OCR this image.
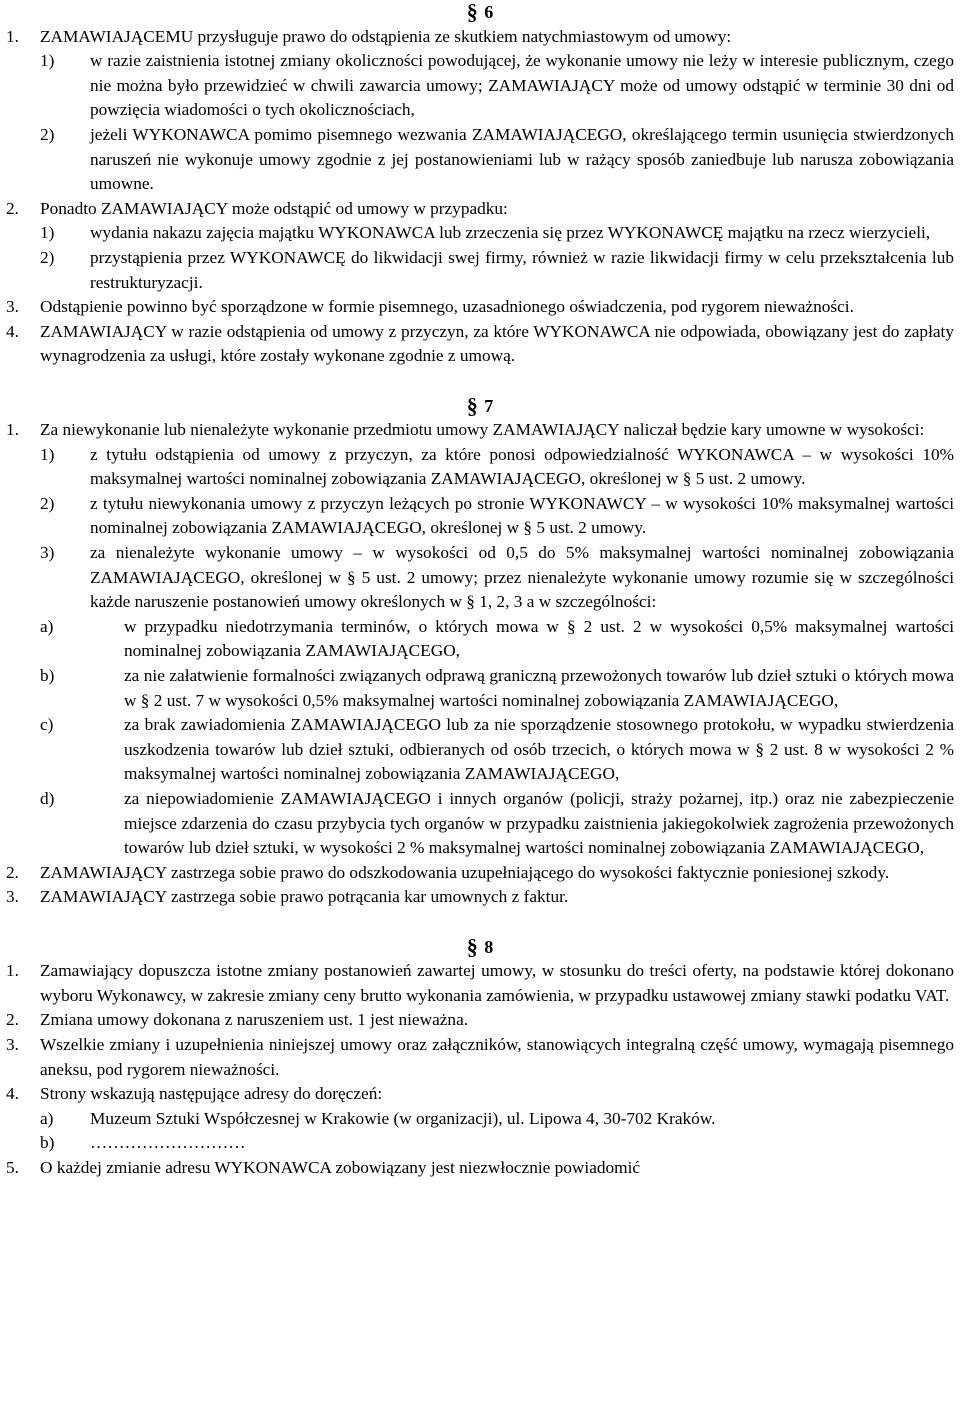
§ 6
1. ZAMAWIAJĄCEMU przysługuje prawo do odstąpienia ze skutkiem natychmiastowym od umowy:
1) w razie zaistnienia istotnej zmiany okoliczności powodującej, że wykonanie umowy nie leży w interesie publicznym, czego nie można było przewidzieć w chwili zawarcia umowy; ZAMAWIAJĄCY może od umowy odstąpić w terminie 30 dni od powzięcia wiadomości o tych okolicznościach,
2) jeżeli WYKONAWCA pomimo pisemnego wezwania ZAMAWIAJĄCEGO, określającego termin usunięcia stwierdzonych naruszeń nie wykonuje umowy zgodnie z jej postanowieniami lub w rażący sposób zaniedbuje lub narusza zobowiązania umowne.
2. Ponadto ZAMAWIAJĄCY może odstąpić od umowy w przypadku:
1) wydania nakazu zajęcia majątku WYKONAWCA lub zrzeczenia się przez WYKONAWCĘ majątku na rzecz wierzycieli,
2) przystąpienia przez WYKONAWCĘ do likwidacji swej firmy, również w razie likwidacji firmy w celu przekształcenia lub restrukturyzacji.
3. Odstąpienie powinno być sporządzone w formie pisemnego, uzasadnionego oświadczenia, pod rygorem nieważności.
4. ZAMAWIAJĄCY w razie odstąpienia od umowy z przyczyn, za które WYKONAWCA nie odpowiada, obowiązany jest do zapłaty wynagrodzenia za usługi, które zostały wykonane zgodnie z umową.
§ 7
1. Za niewykonanie lub nienależyte wykonanie przedmiotu umowy ZAMAWIAJĄCY naliczał będzie kary umowne w wysokości:
1) z tytułu odstąpienia od umowy z przyczyn, za które ponosi odpowiedzialność WYKONAWCA – w wysokości 10% maksymalnej wartości nominalnej zobowiązania ZAMAWIAJĄCEGO, określonej w § 5 ust. 2 umowy.
2) z tytułu niewykonania umowy z przyczyn leżących po stronie WYKONAWCY – w wysokości 10% maksymalnej wartości nominalnej zobowiązania ZAMAWIAJĄCEGO, określonej w § 5 ust. 2 umowy.
3) za nienależyte wykonanie umowy – w wysokości od 0,5 do 5% maksymalnej wartości nominalnej zobowiązania ZAMAWIAJĄCEGO, określonej w § 5 ust. 2 umowy; przez nienależyte wykonanie umowy rozumie się w szczególności każde naruszenie postanowień umowy określonych w § 1, 2, 3 a w szczególności:
a)	w przypadku niedotrzymania terminów, o których mowa w § 2 ust. 2 w wysokości 0,5% maksymalnej wartości nominalnej zobowiązania ZAMAWIAJĄCEGO,
b)	za nie załatwienie formalności związanych odprawą graniczną przewożonych towarów lub dzieł sztuki o których mowa w § 2 ust. 7 w wysokości 0,5% maksymalnej wartości nominalnej zobowiązania ZAMAWIAJĄCEGO,
c)	za brak zawiadomienia ZAMAWIAJĄCEGO lub za nie sporządzenie stosownego protokołu, w wypadku stwierdzenia uszkodzenia towarów lub dzieł sztuki, odbieranych od osób trzecich, o których mowa w § 2 ust. 8 w wysokości 2 % maksymalnej wartości nominalnej zobowiązania ZAMAWIAJĄCEGO,
d)	za niepowiadomienie ZAMAWIAJĄCEGO i innych organów (policji, straży pożarnej, itp.) oraz nie zabezpieczenie miejsce zdarzenia do czasu przybycia tych organów w przypadku zaistnienia jakiegokolwiek zagrożenia przewożonych towarów lub dzieł sztuki, w wysokości 2 % maksymalnej wartości nominalnej zobowiązania ZAMAWIAJĄCEGO,
2. ZAMAWIAJĄCY zastrzega sobie prawo do odszkodowania uzupełniającego do wysokości faktycznie poniesionej szkody.
3. ZAMAWIAJĄCY zastrzega sobie prawo potrącania kar umownych z faktur.
§ 8
1. Zamawiający dopuszcza istotne zmiany postanowień zawartej umowy, w stosunku do treści oferty, na podstawie której dokonano wyboru Wykonawcy, w zakresie zmiany ceny brutto wykonania zamówienia, w przypadku ustawowej zmiany stawki podatku VAT.
2. Zmiana umowy dokonana z naruszeniem ust. 1 jest nieważna.
3. Wszelkie zmiany i uzupełnienia niniejszej umowy oraz załączników, stanowiących integralną część umowy, wymagają pisemnego aneksu, pod rygorem nieważności.
4. Strony wskazują następujące adresy do doręczeń:
a) Muzeum Sztuki Współczesnej w Krakowie (w organizacji), ul. Lipowa 4, 30-702 Kraków.
b) ………………………
5. O każdej zmianie adresu WYKONAWCA zobowiązany jest niezwłocznie powiadomić
